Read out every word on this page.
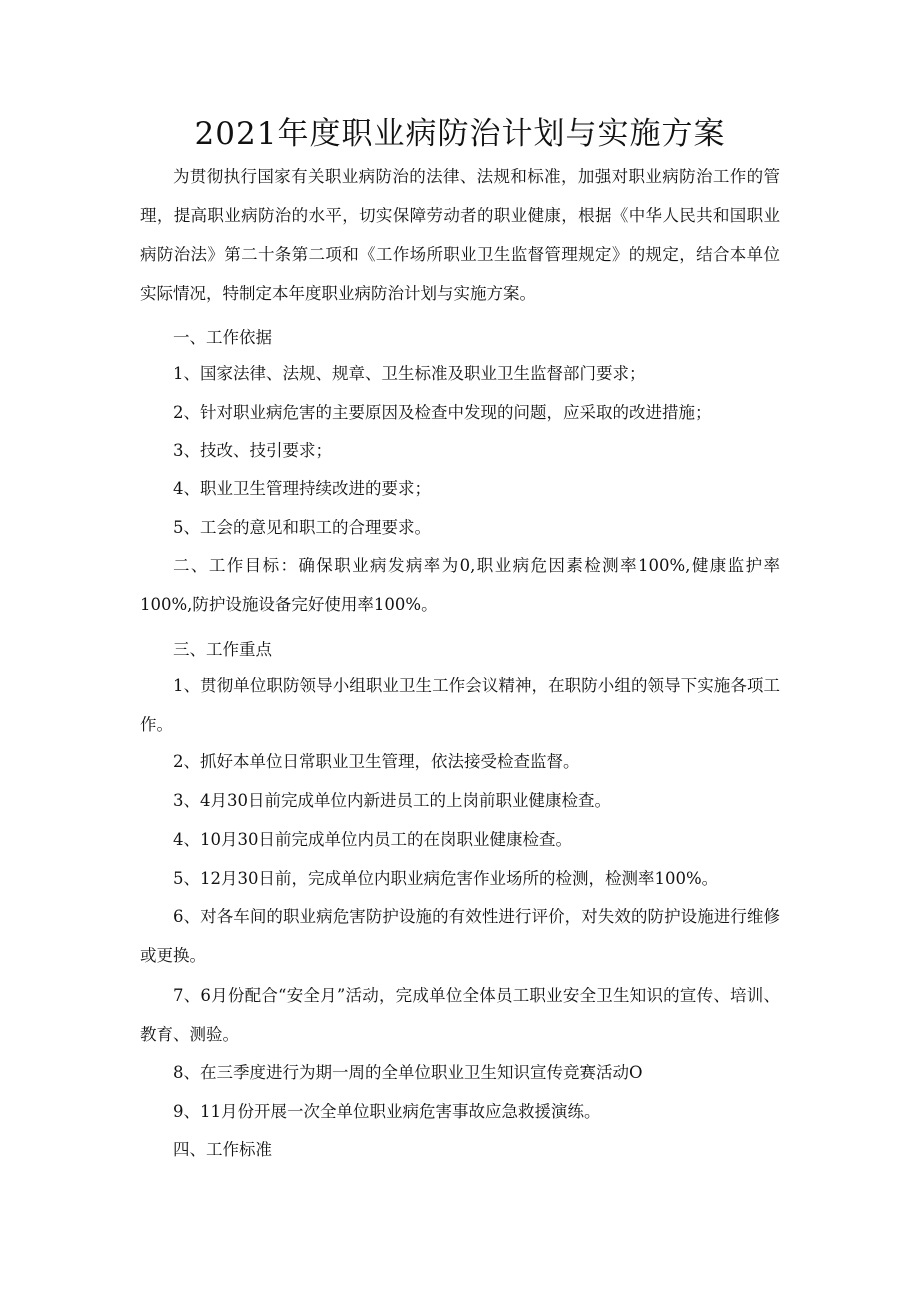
2021年度职业病防治计划与实施方案

为贯彻执行国家有关职业病防治的法律、法规和标准，加强对职业病防治工作的管理，提高职业病防治的水平，切实保障劳动者的职业健康，根据《中华人民共和国职业病防治法》第二十条第二项和《工作场所职业卫生监督管理规定》的规定，结合本单位实际情况，特制定本年度职业病防治计划与实施方案。

一、工作依据

1、国家法律、法规、规章、卫生标准及职业卫生监督部门要求；

2、针对职业病危害的主要原因及检查中发现的问题，应采取的改进措施；

3、技改、技引要求；

4、职业卫生管理持续改进的要求；

5、工会的意见和职工的合理要求。

二、工作目标：确保职业病发病率为0,职业病危因素检测率100%,健康监护率100%,防护设施设备完好使用率100%。

三、工作重点

1、贯彻单位职防领导小组职业卫生工作会议精神，在职防小组的领导下实施各项工作。

2、抓好本单位日常职业卫生管理，依法接受检查监督。

3、4月30日前完成单位内新进员工的上岗前职业健康检查。

4、10月30日前完成单位内员工的在岗职业健康检查。

5、12月30日前，完成单位内职业病危害作业场所的检测，检测率100%。

6、对各车间的职业病危害防护设施的有效性进行评价，对失效的防护设施进行维修或更换。

7、6月份配合“安全月”活动，完成单位全体员工职业安全卫生知识的宣传、培训、教育、测验。

8、在三季度进行为期一周的全单位职业卫生知识宣传竞赛活动O

9、11月份开展一次全单位职业病危害事故应急救援演练。

四、工作标准
